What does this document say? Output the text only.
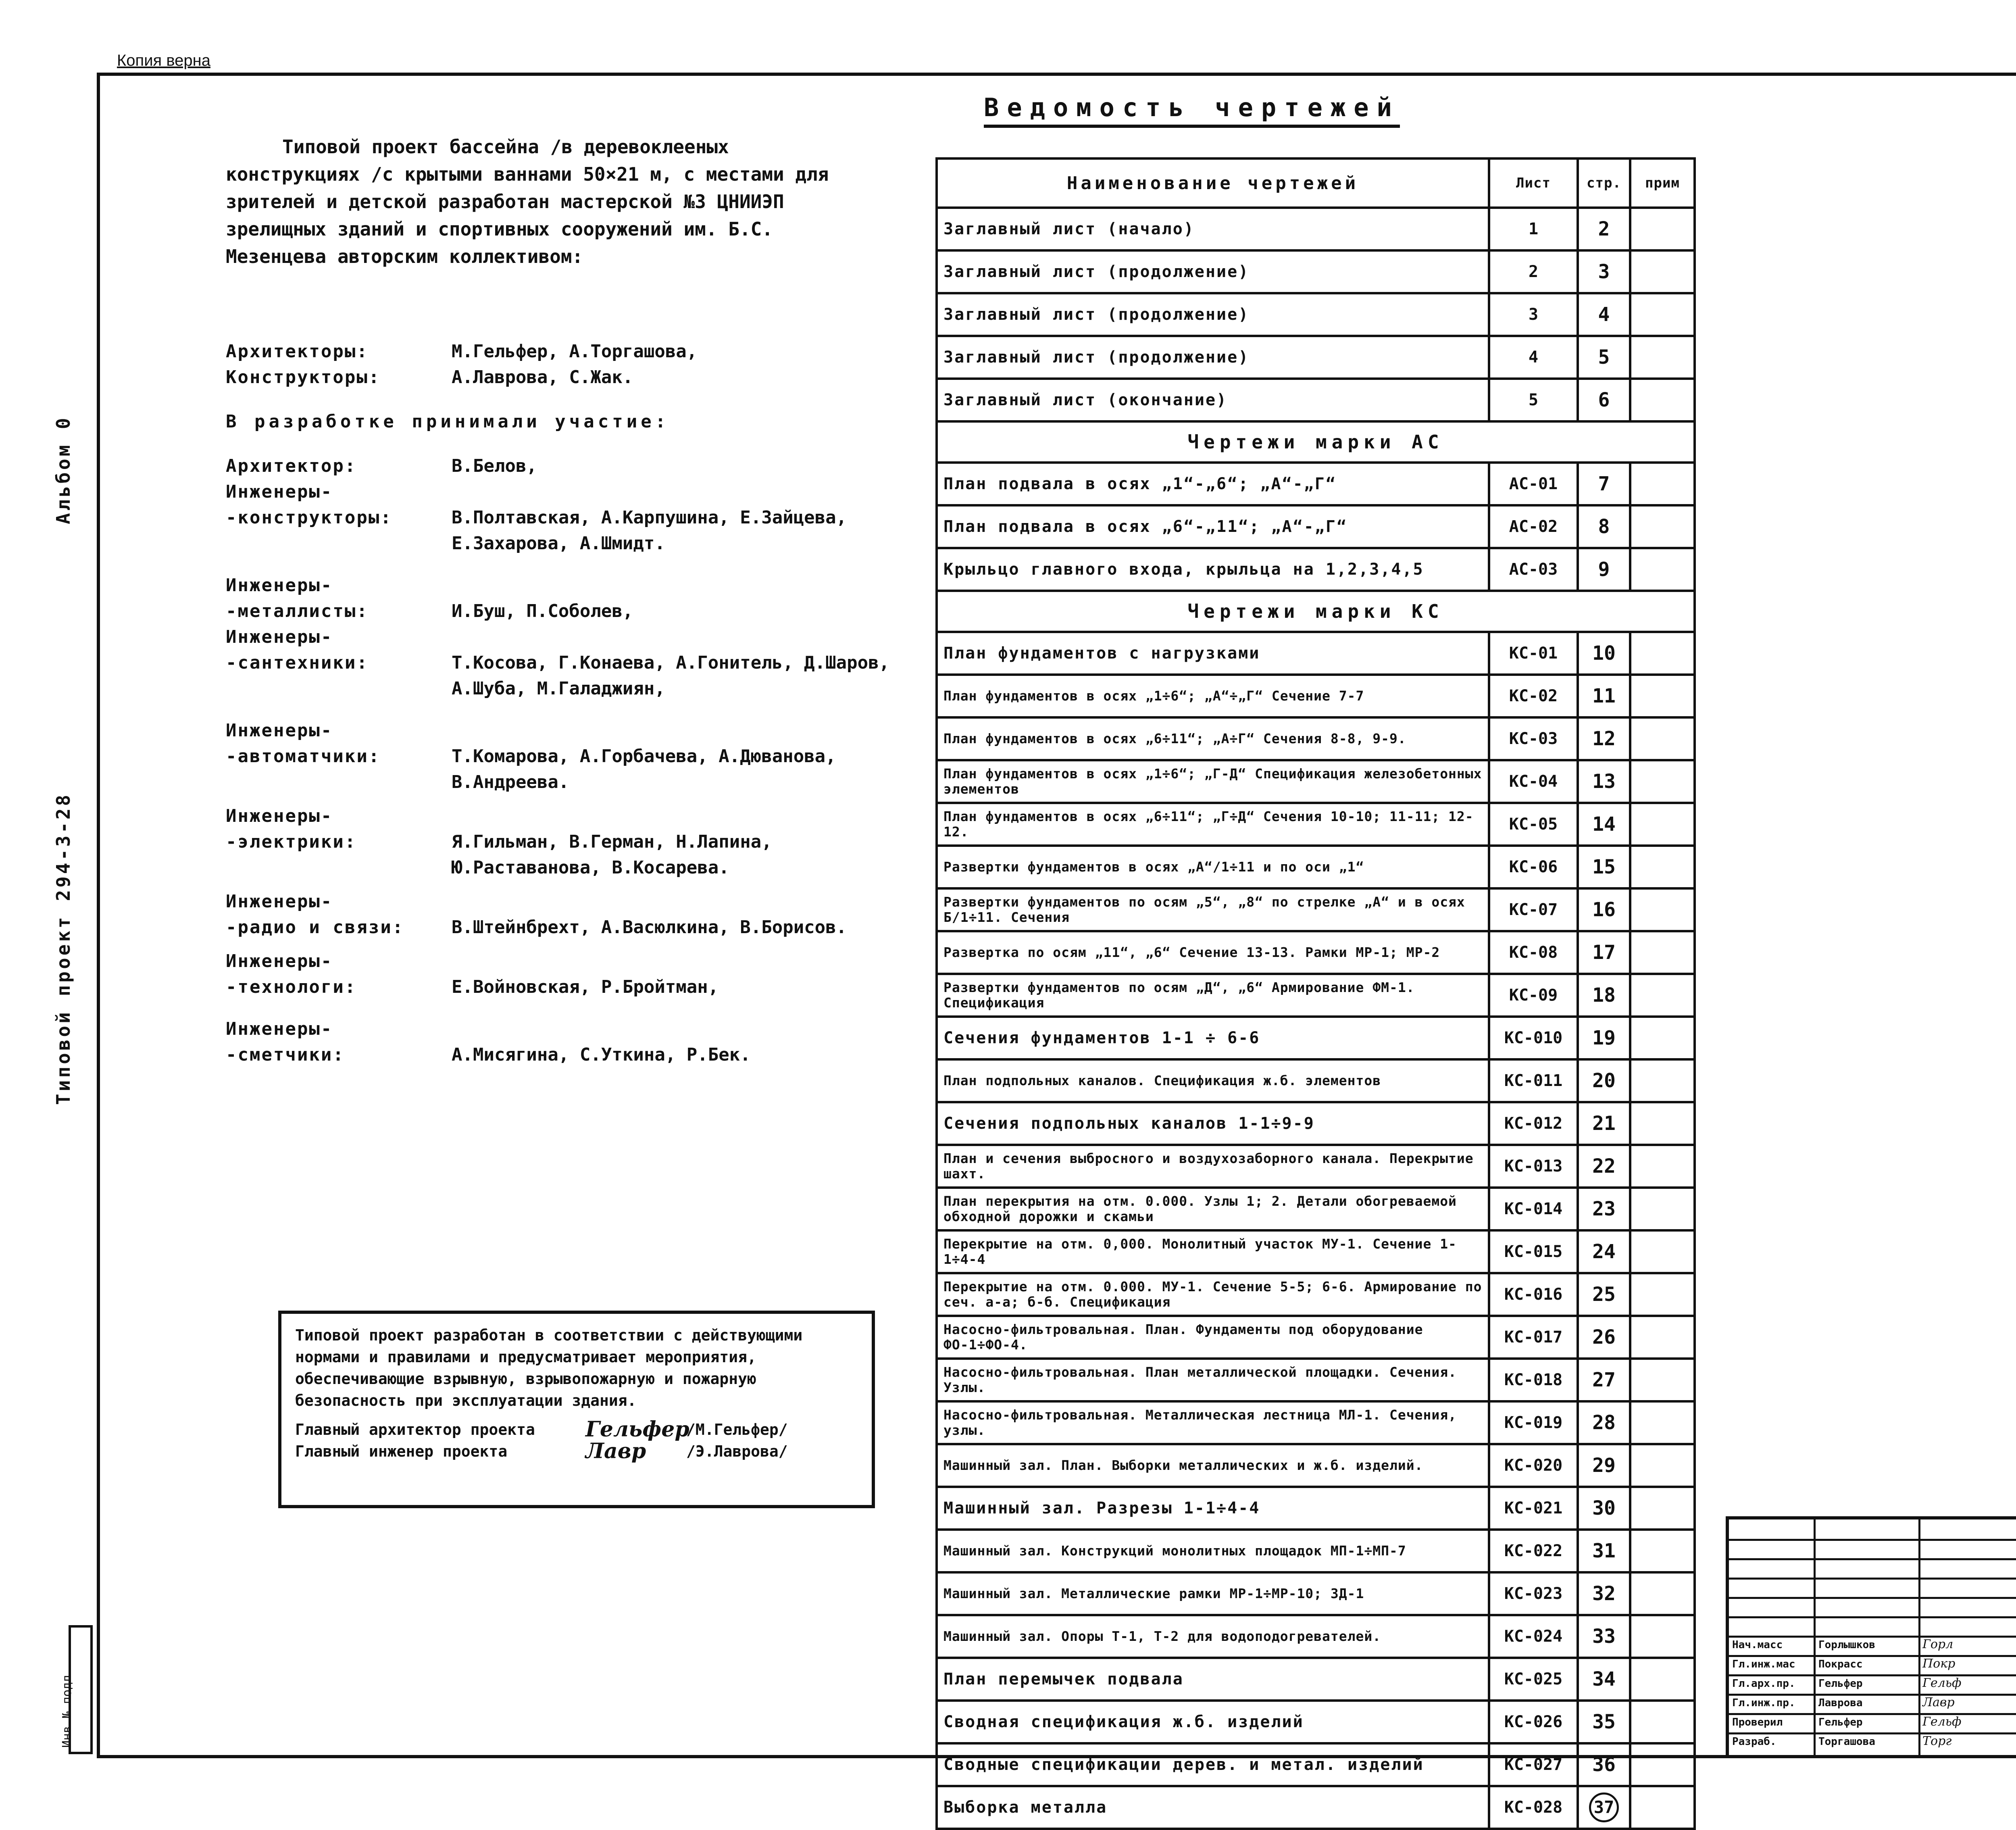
Копия верна
Альбом 0
Типовой проект 294-3-28
Инв.№ подл.

Типовой проект бассейна /в деревоклееных конструкциях /с крытыми ваннами 50×21 м, с местами для зрителей и детской разработан мастерской №3 ЦНИИЭП зрелищных зданий и спортивных сооружений им. Б.С. Мезенцева авторским коллективом:

Архитекторы:	М.Гельфер, А.Торгашова,
Конструкторы:	А.Лаврова, С.Жак.
В разработке принимали участие:
Архитектор:	В.Белов,
Инженеры-
-конструкторы:	В.Полтавская, А.Карпушина, Е.Зайцева, Е.Захарова, А.Шмидт.
Инженеры-
-металлисты:	И.Буш, П.Соболев,
Инженеры-
-сантехники:	Т.Косова, Г.Конаева, А.Гонитель, Д.Шаров, А.Шуба, М.Галаджиян,
Инженеры-
-автоматчики:	Т.Комарова, А.Горбачева, А.Дюванова, В.Андреева.
Инженеры-
-электрики:	Я.Гильман, В.Герман, Н.Лапина, Ю.Раставанова, В.Косарева.
Инженеры-
-радио и связи:	В.Штейнбрехт, А.Васюлкина, В.Борисов.
Инженеры-
-технологи:	Е.Войновская, Р.Бройтман,
Инженеры-
-сметчики:	А.Мисягина, С.Уткина, Р.Бек.
Типовой проект разработан в соответствии с действующими нормами и правилами и предусматривает мероприятия, обеспечивающие взрывную, взрывопожарную и пожарную безопасность при эксплуатации здания.
Главный архитектор проекта	Гельфер
/М.Гельфер/
Главный инженер проекта	Лавр	/Э.Лаврова/
Ведомость чертежей
Наименование чертежей	Лист	стр.	прим
Заглавный лист (начало)	1	2	
Заглавный лист (продолжение)	2	3	
Заглавный лист (продолжение)	3	4	
Заглавный лист (продолжение)	4	5	
Заглавный лист (окончание)	5	6	
Чертежи марки АС			
План подвала в осях „1“-„6“; „А“-„Г“	АС-01	7	
План подвала в осях „6“-„11“; „А“-„Г“	АС-02	8	
Крыльцо главного входа, крыльца на 1,2,3,4,5	АС-03	9	
Чертежи марки КС			
План фундаментов с нагрузками	КС-01	10	
План фундаментов в осях „1÷6“; „А“÷„Г“ Сечение 7-7	КС-02	11	
План фундаментов в осях „6÷11“; „А÷Г“ Сечения 8-8, 9-9.	КС-03	12	
План фундаментов в осях „1÷6“; „Г-Д“ Спецификация железобетонных элементов	КС-04	13	
План фундаментов в осях „6÷11“; „Г÷Д“ Сечения 10-10; 11-11; 12-12.	КС-05	14	
Развертки фундаментов в осях „А“/1÷11 и по оси „1“	КС-06	15	
Развертки фундаментов по осям „5“, „8“ по стрелке „А“ и в осях Б/1÷11. Сечения	КС-07	16	
Развертка по осям „11“, „6“ Сечение 13-13. Рамки МР-1; МР-2	КС-08	17	
Развертки фундаментов по осям „Д“, „6“ Армирование ФМ-1. Спецификация	КС-09	18	
Сечения фундаментов 1-1 ÷ 6-6	КС-010	19	
План подпольных каналов. Спецификация ж.б. элементов	КС-011	20	
Сечения подпольных каналов 1-1÷9-9	КС-012	21	
План и сечения выбросного и воздухозаборного канала. Перекрытие шахт.	КС-013	22	
План перекрытия на отм. 0.000. Узлы 1; 2. Детали обогреваемой обходной дорожки и скамьи	КС-014	23	
Перекрытие на отм. 0,000. Монолитный участок МУ-1. Сечение 1-1÷4-4	КС-015	24	
Перекрытие на отм. 0.000. МУ-1. Сечение 5-5; 6-6. Армирование по сеч. а-а; б-б. Спецификация	КС-016	25	
Насосно-фильтровальная. План. Фундаменты под оборудование ФО-1÷ФО-4.	КС-017	26	
Насосно-фильтровальная. План металлической площадки. Сечения. Узлы.	КС-018	27	
Насосно-фильтровальная. Металлическая лестница МЛ-1. Сечения, узлы.	КС-019	28	
Машинный зал. План. Выборки металлических и ж.б. изделий.	КС-020	29	
Машинный зал. Разрезы 1-1÷4-4	КС-021	30	
Машинный зал. Конструкций монолитных площадок МП-1÷МП-7	КС-022	31	
Машинный зал. Металлические рамки МР-1÷МР-10; ЗД-1	КС-023	32	
Машинный зал. Опоры Т-1, Т-2 для водоподогревателей.	КС-024	33	
План перемычек подвала	КС-025	34	
Сводная спецификация ж.б. изделий	КС-026	35	
Сводные спецификации дерев. и метал. изделий	КС-027	36	
Выборка металла	КС-028	37	
Нач.масс	Горлышков	Горл
Гл.инж.мас Покрасс	Покр
Гл.арх.пр. Гельфер	Гельф
Гл.инж.пр. Лаврова	Лавр
Проверил	Гельфер	Гельф
Разраб.	Торгашова	Торг
